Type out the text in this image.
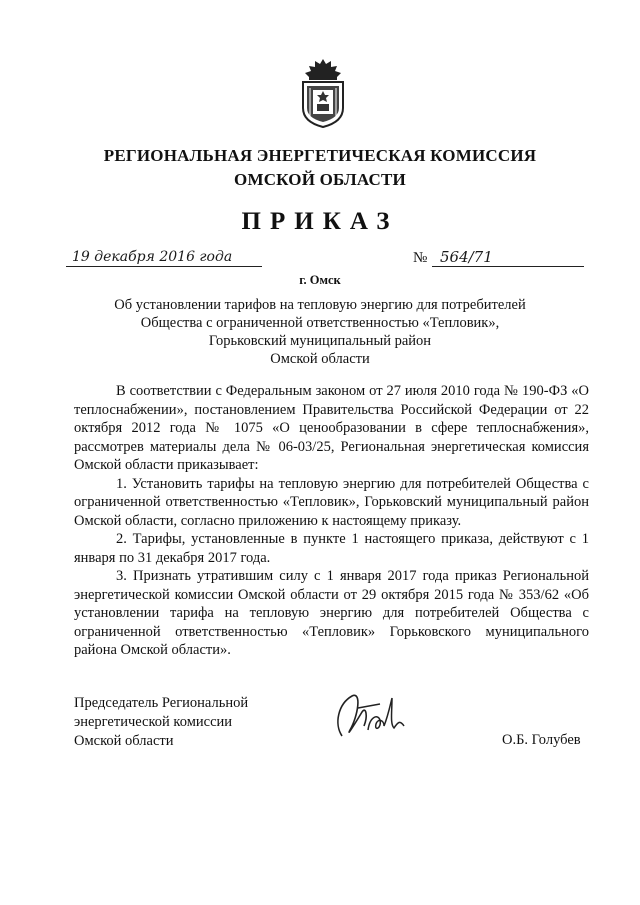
РЕГИОНАЛЬНАЯ ЭНЕРГЕТИЧЕСКАЯ КОМИССИЯ
ОМСКОЙ ОБЛАСТИ
ПРИКАЗ
19 декабря 2016 года	№ 564/71
г. Омск
Об установлении тарифов на тепловую энергию для потребителей
Общества с ограниченной ответственностью «Тепловик»,
Горьковский муниципальный район
Омской области

В соответствии с Федеральным законом от 27 июля 2010 года № 190-ФЗ «О теплоснабжении», постановлением Правительства Российской Федерации от 22 октября 2012 года № 1075 «О ценообразовании в сфере теплоснабжения», рассмотрев материалы дела № 06-03/25, Региональная энергетическая комиссия Омской области приказывает:

1. Установить тарифы на тепловую энергию для потребителей Общества с ограниченной ответственностью «Тепловик», Горьковский муниципальный район Омской области, согласно приложению к настоящему приказу.

2. Тарифы, установленные в пункте 1 настоящего приказа, действуют с 1 января по 31 декабря 2017 года.

3. Признать утратившим силу с 1 января 2017 года приказ Региональной энергетической комиссии Омской области от 29 октября 2015 года № 353/62 «Об установлении тарифа на тепловую энергию для потребителей Общества с ограниченной ответственностью «Тепловик» Горьковского муниципального района Омской области».

Председатель Региональной
энергетической комиссии
Омской области	О.Б. Голубев
